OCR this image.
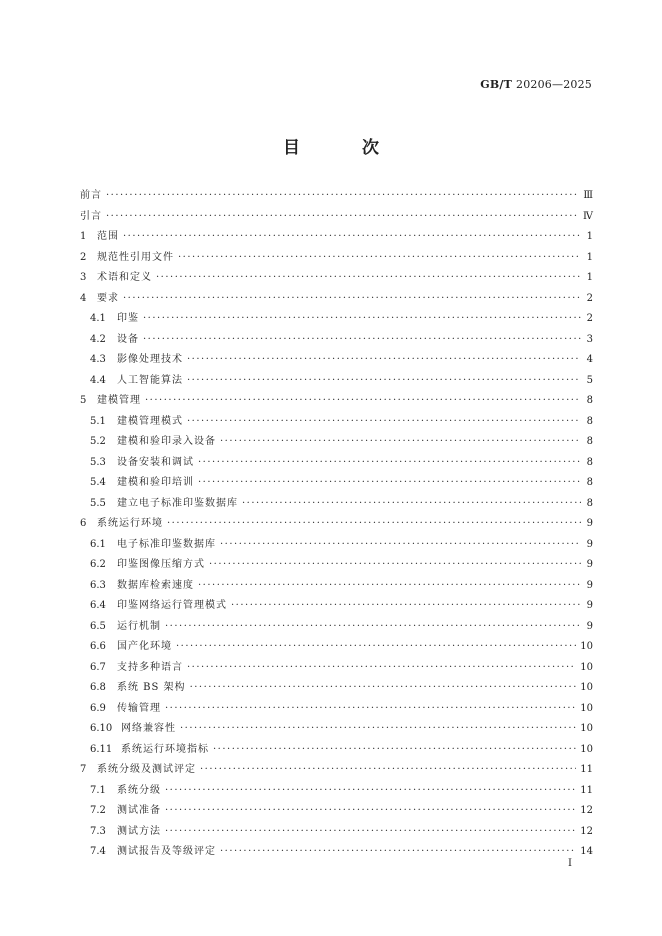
GB/T 20206—2025
目 次
前言 ·····	Ⅲ
引言 ·····	Ⅳ
1	范围 ·····	1
2	规范性引用文件 ·····	1
3	术语和定义 ·····	1
4	要求 ·····	2
4.1	印鉴 ·····	2
4.2	设备 ·····	3
4.3	影像处理技术 ·····	4
4.4	人工智能算法 ·····	5
5	建模管理 ·····	8
5.1	建模管理模式 ·····	8
5.2	建模和验印录入设备 ·····	8
5.3	设备安装和调试 ·····	8
5.4	建模和验印培训 ·····	8
5.5	建立电子标准印鉴数据库 ·····	8
6	系统运行环境 ·····	9
6.1	电子标准印鉴数据库 ·····	9
6.2	印鉴图像压缩方式 ·····	9
6.3	数据库检索速度 ·····	9
6.4	印鉴网络运行管理模式 ·····	9
6.5	运行机制 ·····	9
6.6	国产化环境 ·····	10
6.7	支持多种语言 ·····	10
6.8	系统 BS 架构 ·····	10
6.9	传输管理 ·····	10
6.10 网络兼容性 ·····	10
6.11 系统运行环境指标 ·····	10
7	系统分级及测试评定 ·····	11
7.1	系统分级 ·····	11
7.2	测试准备 ·····	12
7.3	测试方法 ·····	12
7.4	测试报告及等级评定 ·····	14
I
